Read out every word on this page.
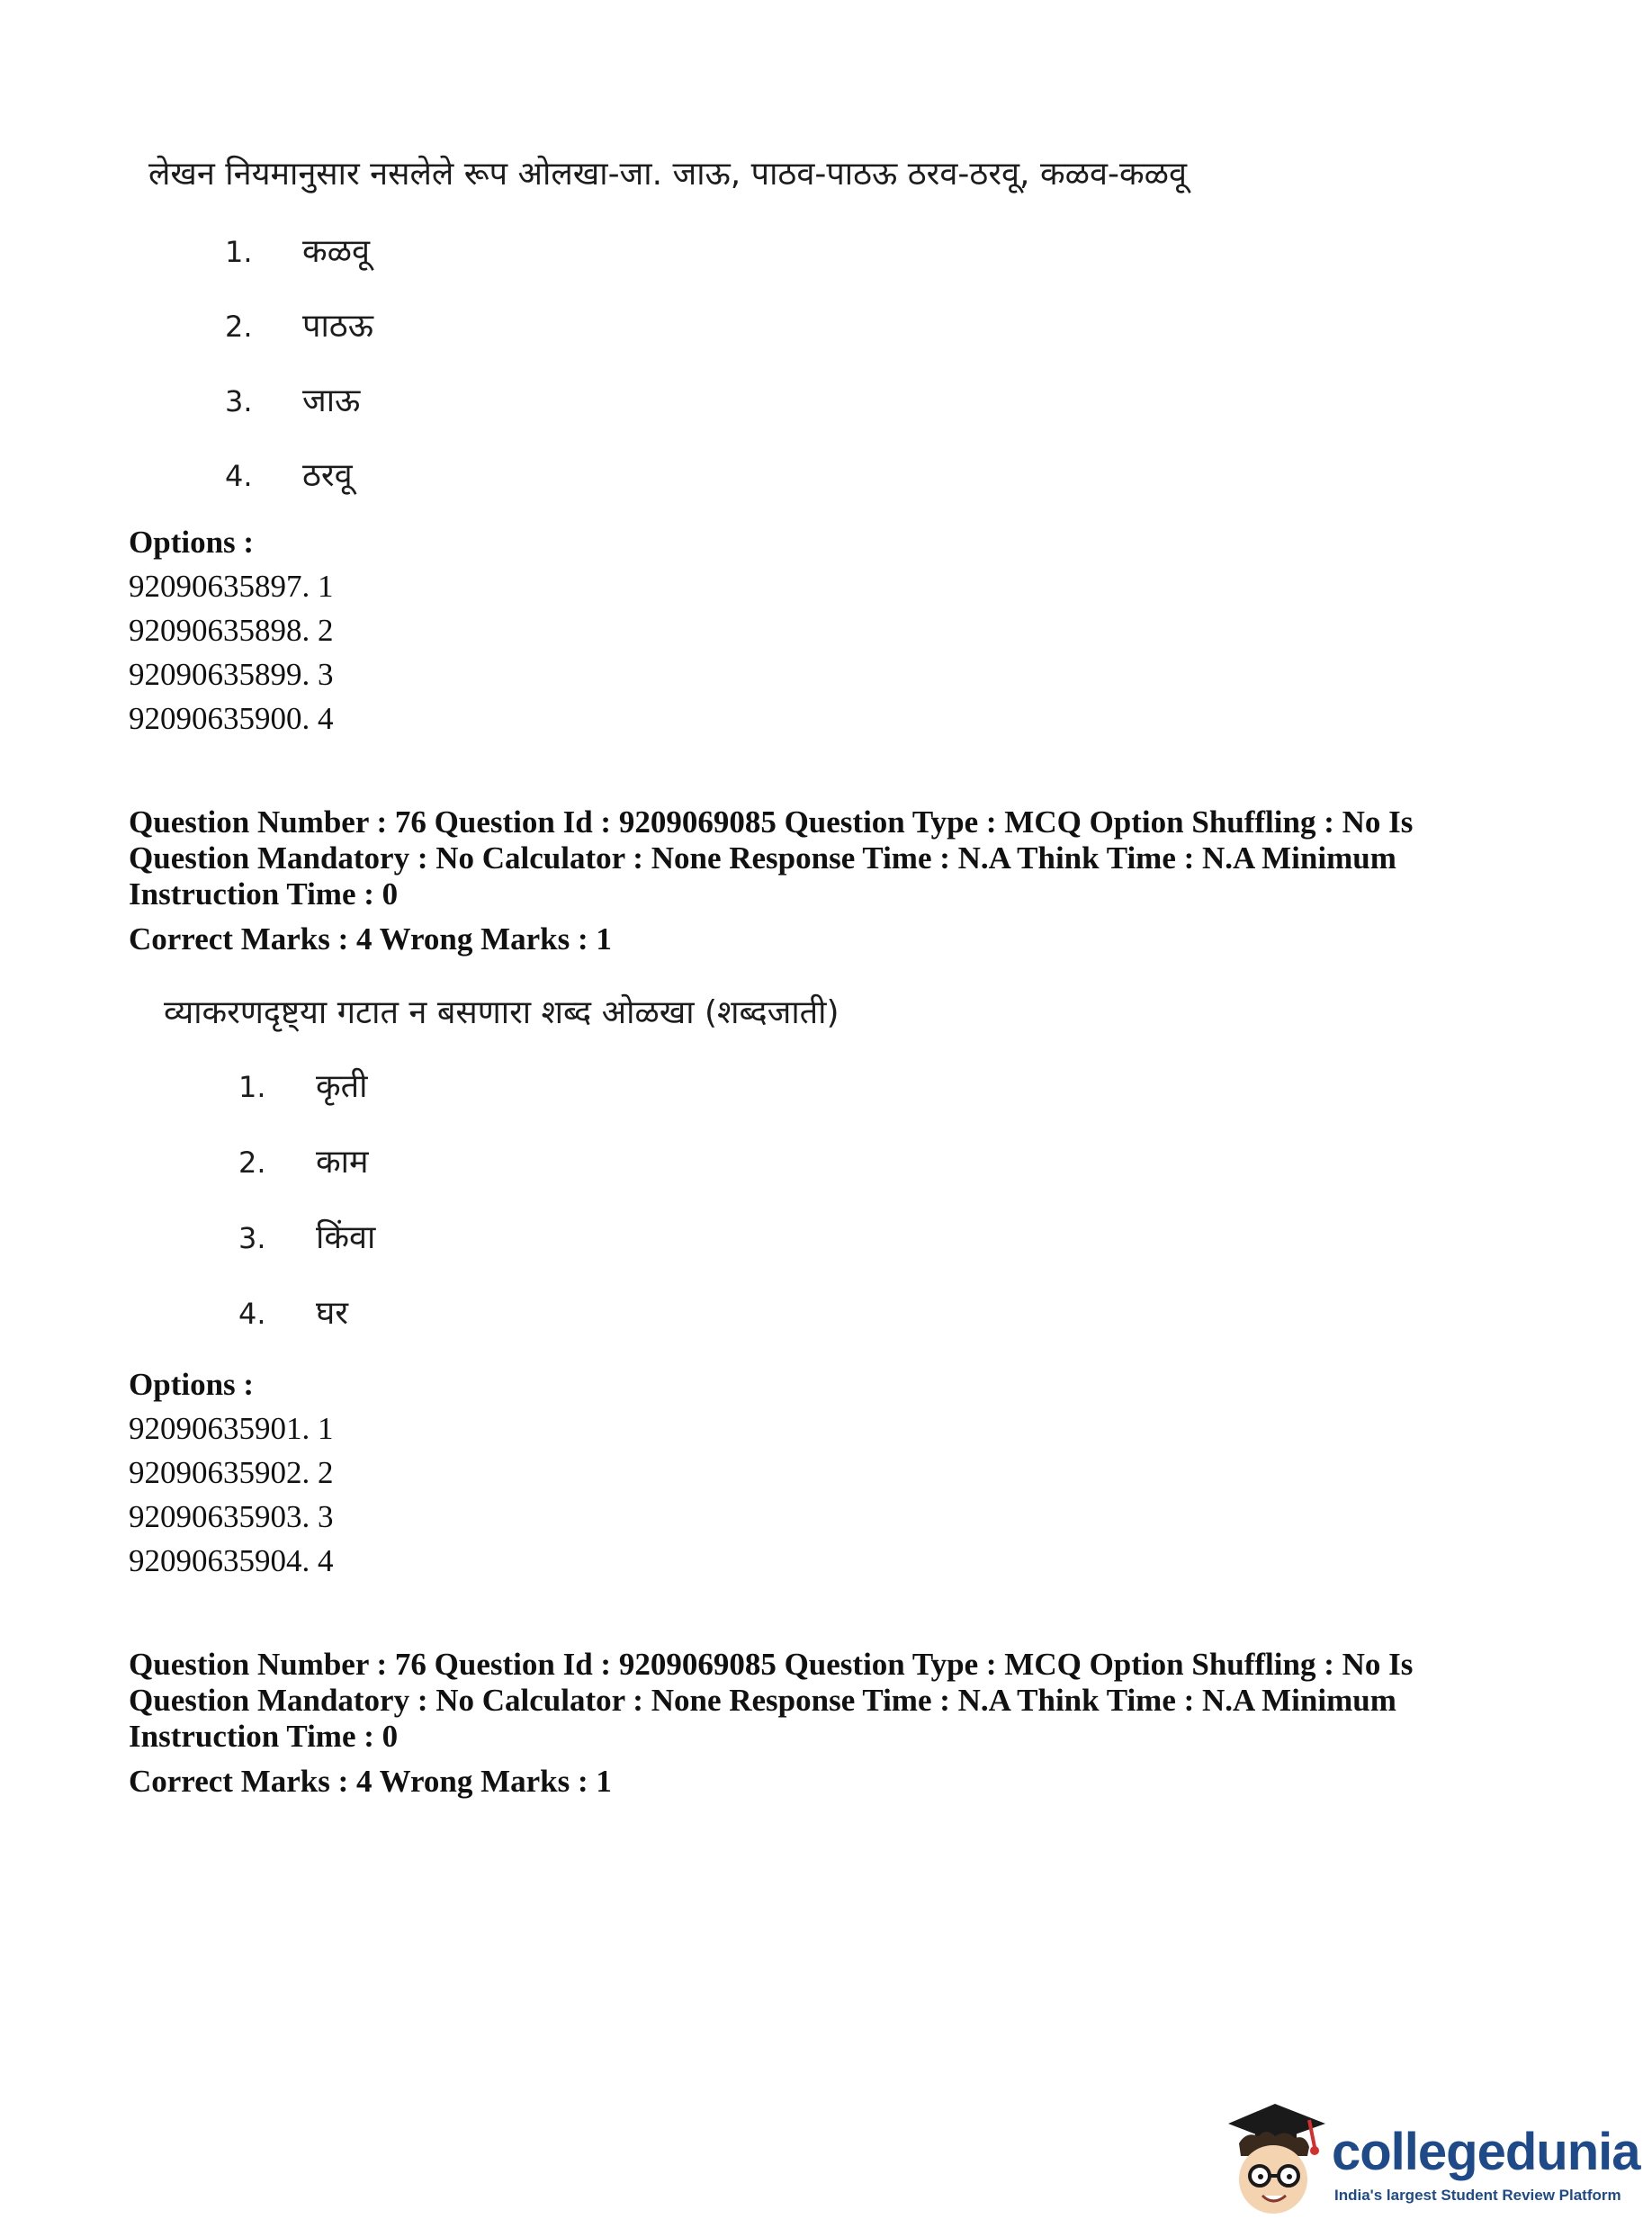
लेखन नियमानुसार नसलेले रूप ओलखा-जा. जाऊ, पाठव-पाठऊ ठरव-ठरवू, कळव-कळवू
1. कळवू
2. पाठऊ
3. जाऊ
4. ठरवू
Options :
92090635897. 1
92090635898. 2
92090635899. 3
92090635900. 4
Question Number : 76 Question Id : 9209069085 Question Type : MCQ Option Shuffling : No Is Question Mandatory : No Calculator : None Response Time : N.A Think Time : N.A Minimum Instruction Time : 0
Correct Marks : 4 Wrong Marks : 1
व्याकरणदृष्ट्या गटात न बसणारा शब्द ओळखा (शब्दजाती)
1. कृती
2. काम
3. किंवा
4. घर
Options :
92090635901. 1
92090635902. 2
92090635903. 3
92090635904. 4
Question Number : 76 Question Id : 9209069085 Question Type : MCQ Option Shuffling : No Is Question Mandatory : No Calculator : None Response Time : N.A Think Time : N.A Minimum Instruction Time : 0
Correct Marks : 4 Wrong Marks : 1
collegedunia
India's largest Student Review Platform
